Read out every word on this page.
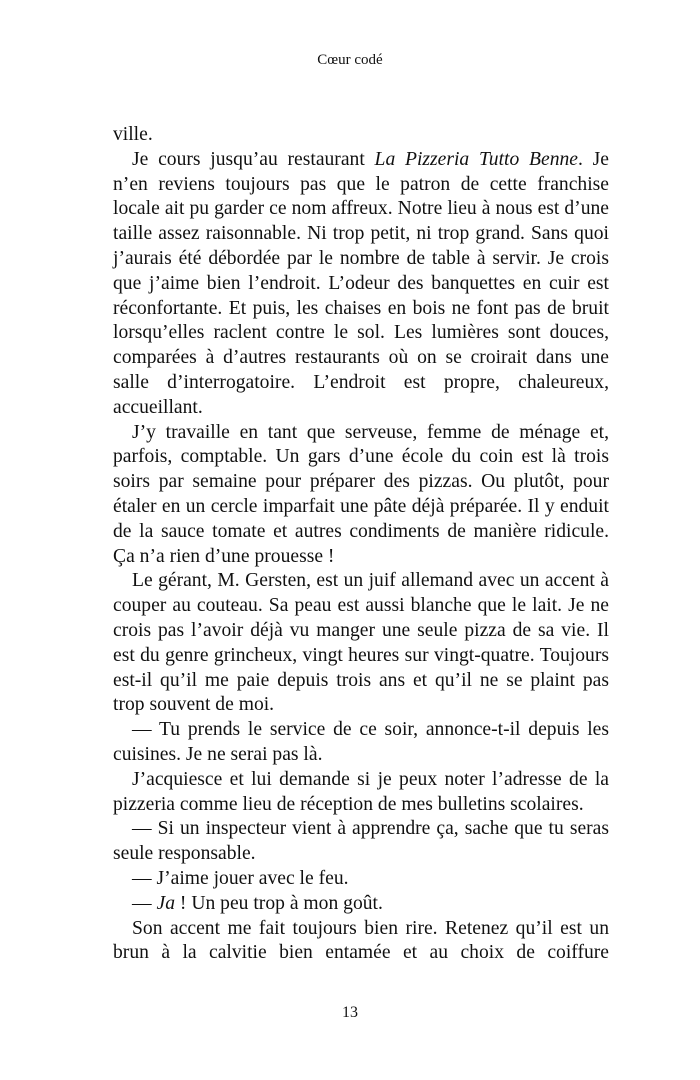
Cœur codé

ville.

Je cours jusqu’au restaurant La Pizzeria Tutto Benne. Je n’en reviens toujours pas que le patron de cette franchise locale ait pu garder ce nom affreux. Notre lieu à nous est d’une taille assez raisonnable. Ni trop petit, ni trop grand. Sans quoi j’aurais été débordée par le nombre de table à servir. Je crois que j’aime bien l’endroit. L’odeur des banquettes en cuir est réconfortante. Et puis, les chaises en bois ne font pas de bruit lorsqu’elles raclent contre le sol. Les lumières sont douces, comparées à d’autres restaurants où on se croirait dans une salle d’interrogatoire. L’endroit est propre, chaleureux, accueillant.

J’y travaille en tant que serveuse, femme de ménage et, parfois, comptable. Un gars d’une école du coin est là trois soirs par semaine pour préparer des pizzas. Ou plutôt, pour étaler en un cercle imparfait une pâte déjà préparée. Il y enduit de la sauce tomate et autres condiments de manière ridicule. Ça n’a rien d’une prouesse !

Le gérant, M. Gersten, est un juif allemand avec un accent à couper au couteau. Sa peau est aussi blanche que le lait. Je ne crois pas l’avoir déjà vu manger une seule pizza de sa vie. Il est du genre grincheux, vingt heures sur vingt-quatre. Toujours est-il qu’il me paie depuis trois ans et qu’il ne se plaint pas trop souvent de moi.

— Tu prends le service de ce soir, annonce-t-il depuis les cuisines. Je ne serai pas là.

J’acquiesce et lui demande si je peux noter l’adresse de la pizzeria comme lieu de réception de mes bulletins scolaires.

— Si un inspecteur vient à apprendre ça, sache que tu seras seule responsable.

— J’aime jouer avec le feu.

— Ja ! Un peu trop à mon goût.

Son accent me fait toujours bien rire. Retenez qu’il est un brun à la calvitie bien entamée et au choix de coiffure

13
